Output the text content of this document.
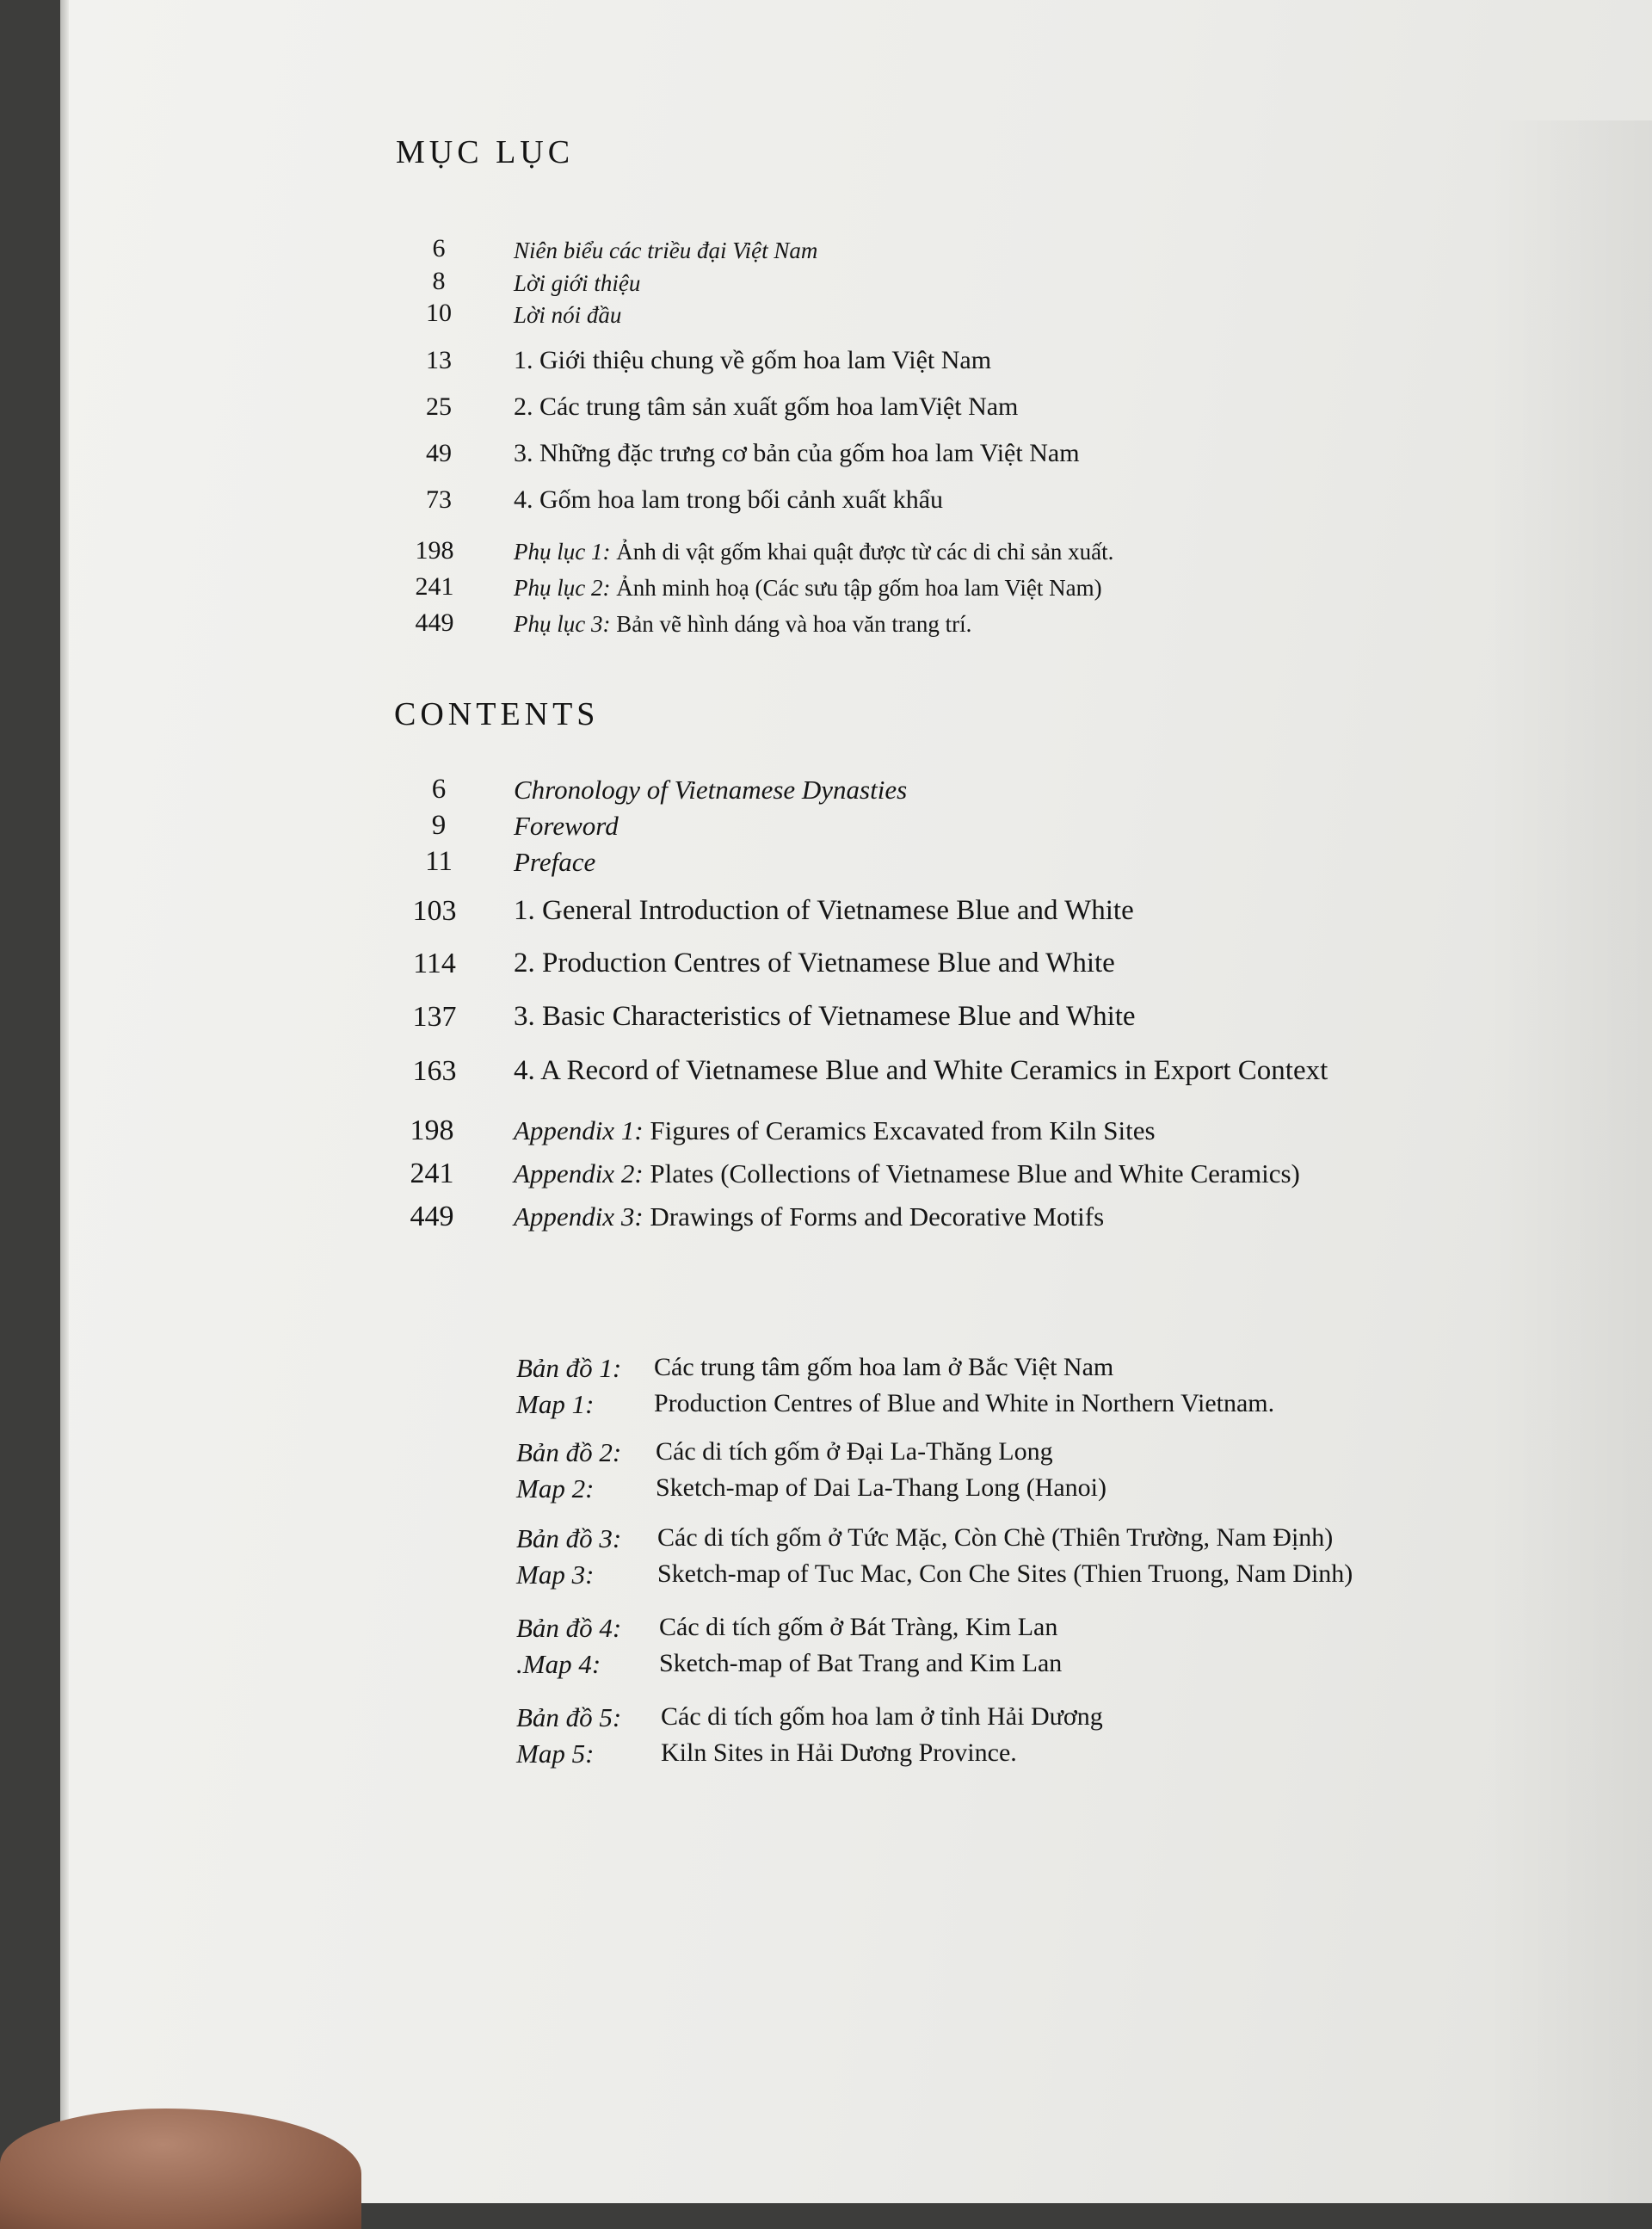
MỤC LỤC
6	Niên biểu các triều đại Việt Nam
8	Lời giới thiệu
10	Lời nói đầu
13	1. Giới thiệu chung về gốm hoa lam Việt Nam
25	2. Các trung tâm sản xuất gốm hoa lamViệt Nam
49	3. Những đặc trưng cơ bản của gốm hoa lam Việt Nam
73	4. Gốm hoa lam trong bối cảnh xuất khẩu
198	Phụ lục 1: Ảnh di vật gốm khai quật được từ các di chỉ sản xuất.
241	Phụ lục 2: Ảnh minh hoạ (Các sưu tập gốm hoa lam Việt Nam)
449	Phụ lục 3: Bản vẽ hình dáng và hoa văn trang trí.
CONTENTS
6	Chronology of Vietnamese Dynasties
9	Foreword
11	Preface
103	1. General Introduction of Vietnamese Blue and White
114	2. Production Centres of Vietnamese Blue and White
137	3. Basic Characteristics of Vietnamese Blue and White
163	4. A Record of Vietnamese Blue and White Ceramics in Export Context
198	Appendix 1: Figures of Ceramics Excavated from Kiln Sites
241	Appendix 2: Plates (Collections of Vietnamese Blue and White Ceramics)
449	Appendix 3: Drawings of Forms and Decorative Motifs
Bản đồ 1: Các trung tâm gốm hoa lam ở Bắc Việt Nam
Map 1: Production Centres of Blue and White in Northern Vietnam.
Bản đồ 2: Các di tích gốm ở Đại La-Thăng Long
Map 2: Sketch-map of Dai La-Thang Long (Hanoi)
Bản đồ 3: Các di tích gốm ở Tức Mặc, Còn Chè (Thiên Trường, Nam Định)
Map 3: Sketch-map of Tuc Mac, Con Che Sites (Thien Truong, Nam Dinh)
Bản đồ 4: Các di tích gốm ở Bát Tràng, Kim Lan
.Map 4: Sketch-map of Bat Trang and Kim Lan
Bản đồ 5: Các di tích gốm hoa lam ở tỉnh Hải Dương
Map 5:	Kiln Sites in Hải Dương Province.
